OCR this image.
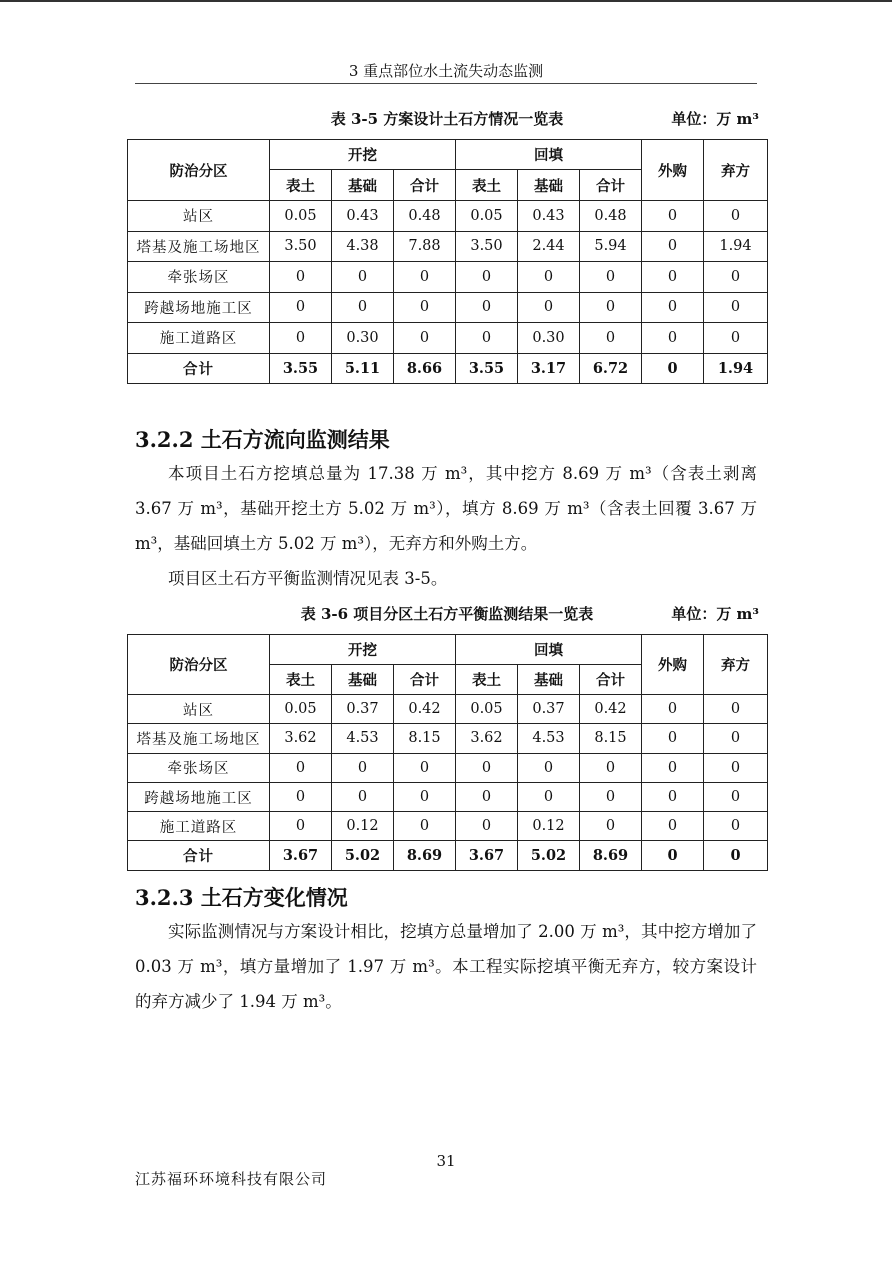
3 重点部位水土流失动态监测
表 3-5 方案设计土石方情况一览表	单位：万 m³
防治分区	开挖			回填			外购	弃方
	表土	基础	合计	表土	基础	合计		
站区	0.05	0.43	0.48	0.05	0.43	0.48	0	0
塔基及施工场地区	3.50	4.38	7.88	3.50	2.44	5.94	0	1.94
牵张场区	0	0	0	0	0	0	0	0
跨越场地施工区	0	0	0	0	0	0	0	0
施工道路区	0	0.30	0	0	0.30	0	0	0
合计	3.55	5.11	8.66	3.55	3.17	6.72	0	1.94
3.2.2 土石方流向监测结果

本项目土石方挖填总量为 17.38 万 m³，其中挖方 8.69 万 m³（含表土剥离 3.67 万 m³，基础开挖土方 5.02 万 m³），填方 8.69 万 m³（含表土回覆 3.67 万 m³，基础回填土方 5.02 万 m³），无弃方和外购土方。

项目区土石方平衡监测情况见表 3-5。

表 3-6 项目分区土石方平衡监测结果一览表	单位：万 m³
防治分区	开挖			回填			外购	弃方
	表土	基础	合计	表土	基础	合计		
站区	0.05	0.37	0.42	0.05	0.37	0.42	0	0
塔基及施工场地区	3.62	4.53	8.15	3.62	4.53	8.15	0	0
牵张场区	0	0	0	0	0	0	0	0
跨越场地施工区	0	0	0	0	0	0	0	0
施工道路区	0	0.12	0	0	0.12	0	0	0
合计	3.67	5.02	8.69	3.67	5.02	8.69	0	0
3.2.3 土石方变化情况

实际监测情况与方案设计相比，挖填方总量增加了 2.00 万 m³，其中挖方增加了 0.03 万 m³，填方量增加了 1.97 万 m³。本工程实际挖填平衡无弃方，较方案设计的弃方减少了 1.94 万 m³。

31
江苏福环环境科技有限公司
